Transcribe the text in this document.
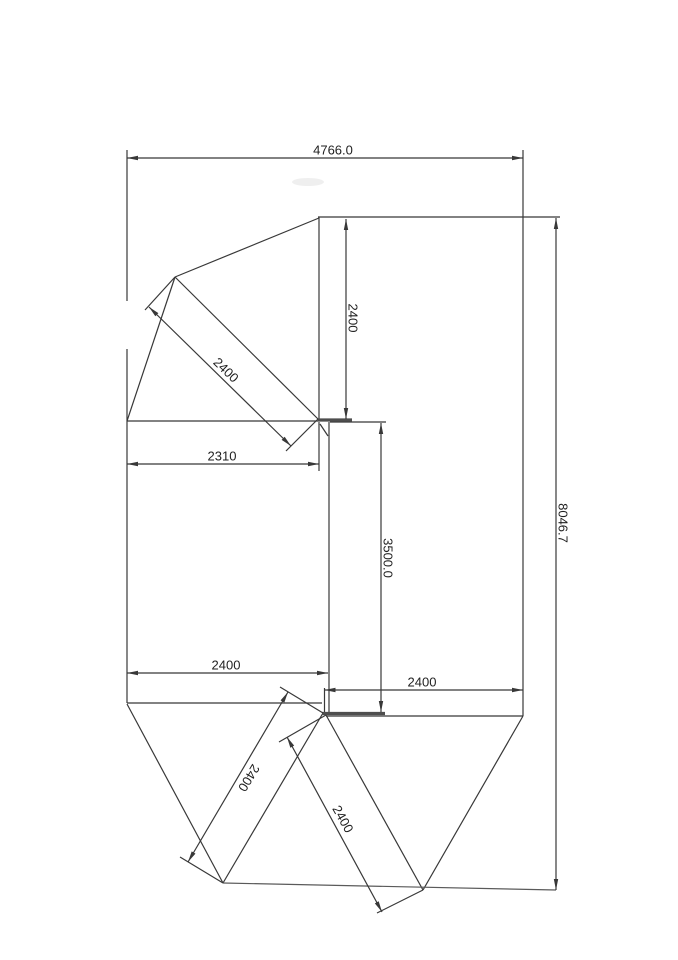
4766.0
2400
2400
2310
3500.0
8046.7
2400
2400
2400
2400
